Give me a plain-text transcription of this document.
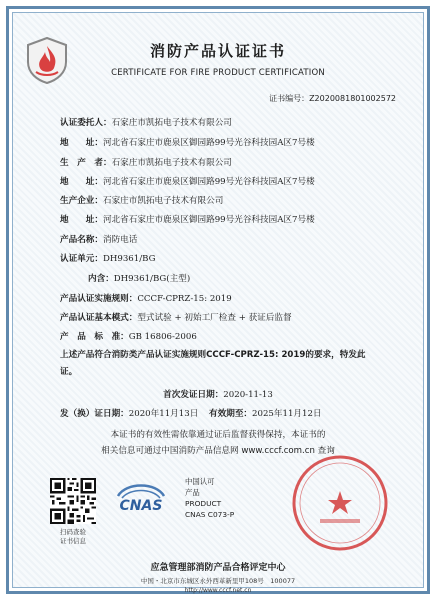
消防产品认证证书
CERTIFICATE FOR FIRE PRODUCT CERTIFICATION
证书编号：Z2020081801002572
认证委托人：石家庄市凯拓电子技术有限公司
地　　址：河北省石家庄市鹿泉区御园路99号光谷科技园A区7号楼
生　产　者：石家庄市凯拓电子技术有限公司
地　　址：河北省石家庄市鹿泉区御园路99号光谷科技园A区7号楼
生产企业：石家庄市凯拓电子技术有限公司
地　　址：河北省石家庄市鹿泉区御园路99号光谷科技园A区7号楼
产品名称：消防电话
认证单元：DH9361/BG
内含：DH9361/BG(主型)
产品认证实施规则：CCCF-CPRZ-15: 2019
产品认证基本模式：型式试验 + 初始工厂检查 + 获证后监督
产　品　标　准：GB 16806-2006
上述产品符合消防类产品认证实施规则CCCF-CPRZ-15: 2019的要求，特发此证。
首次发证日期：2020-11-13
发（换）证日期：2020年11月13日 有效期至：2025年11月12日
本证书的有效性需依靠通过证后监督获得保持，本证书的
相关信息可通过中国消防产品信息网 www.cccf.com.cn 查询
扫码查验
证书信息
CNAS
中国认可
产品
PRODUCT
CNAS C073-P
应急管理部消防产品合格评定中心
中国・北京市东城区永外西革新里甲108号　100077
http://www.cccf.net.cn
